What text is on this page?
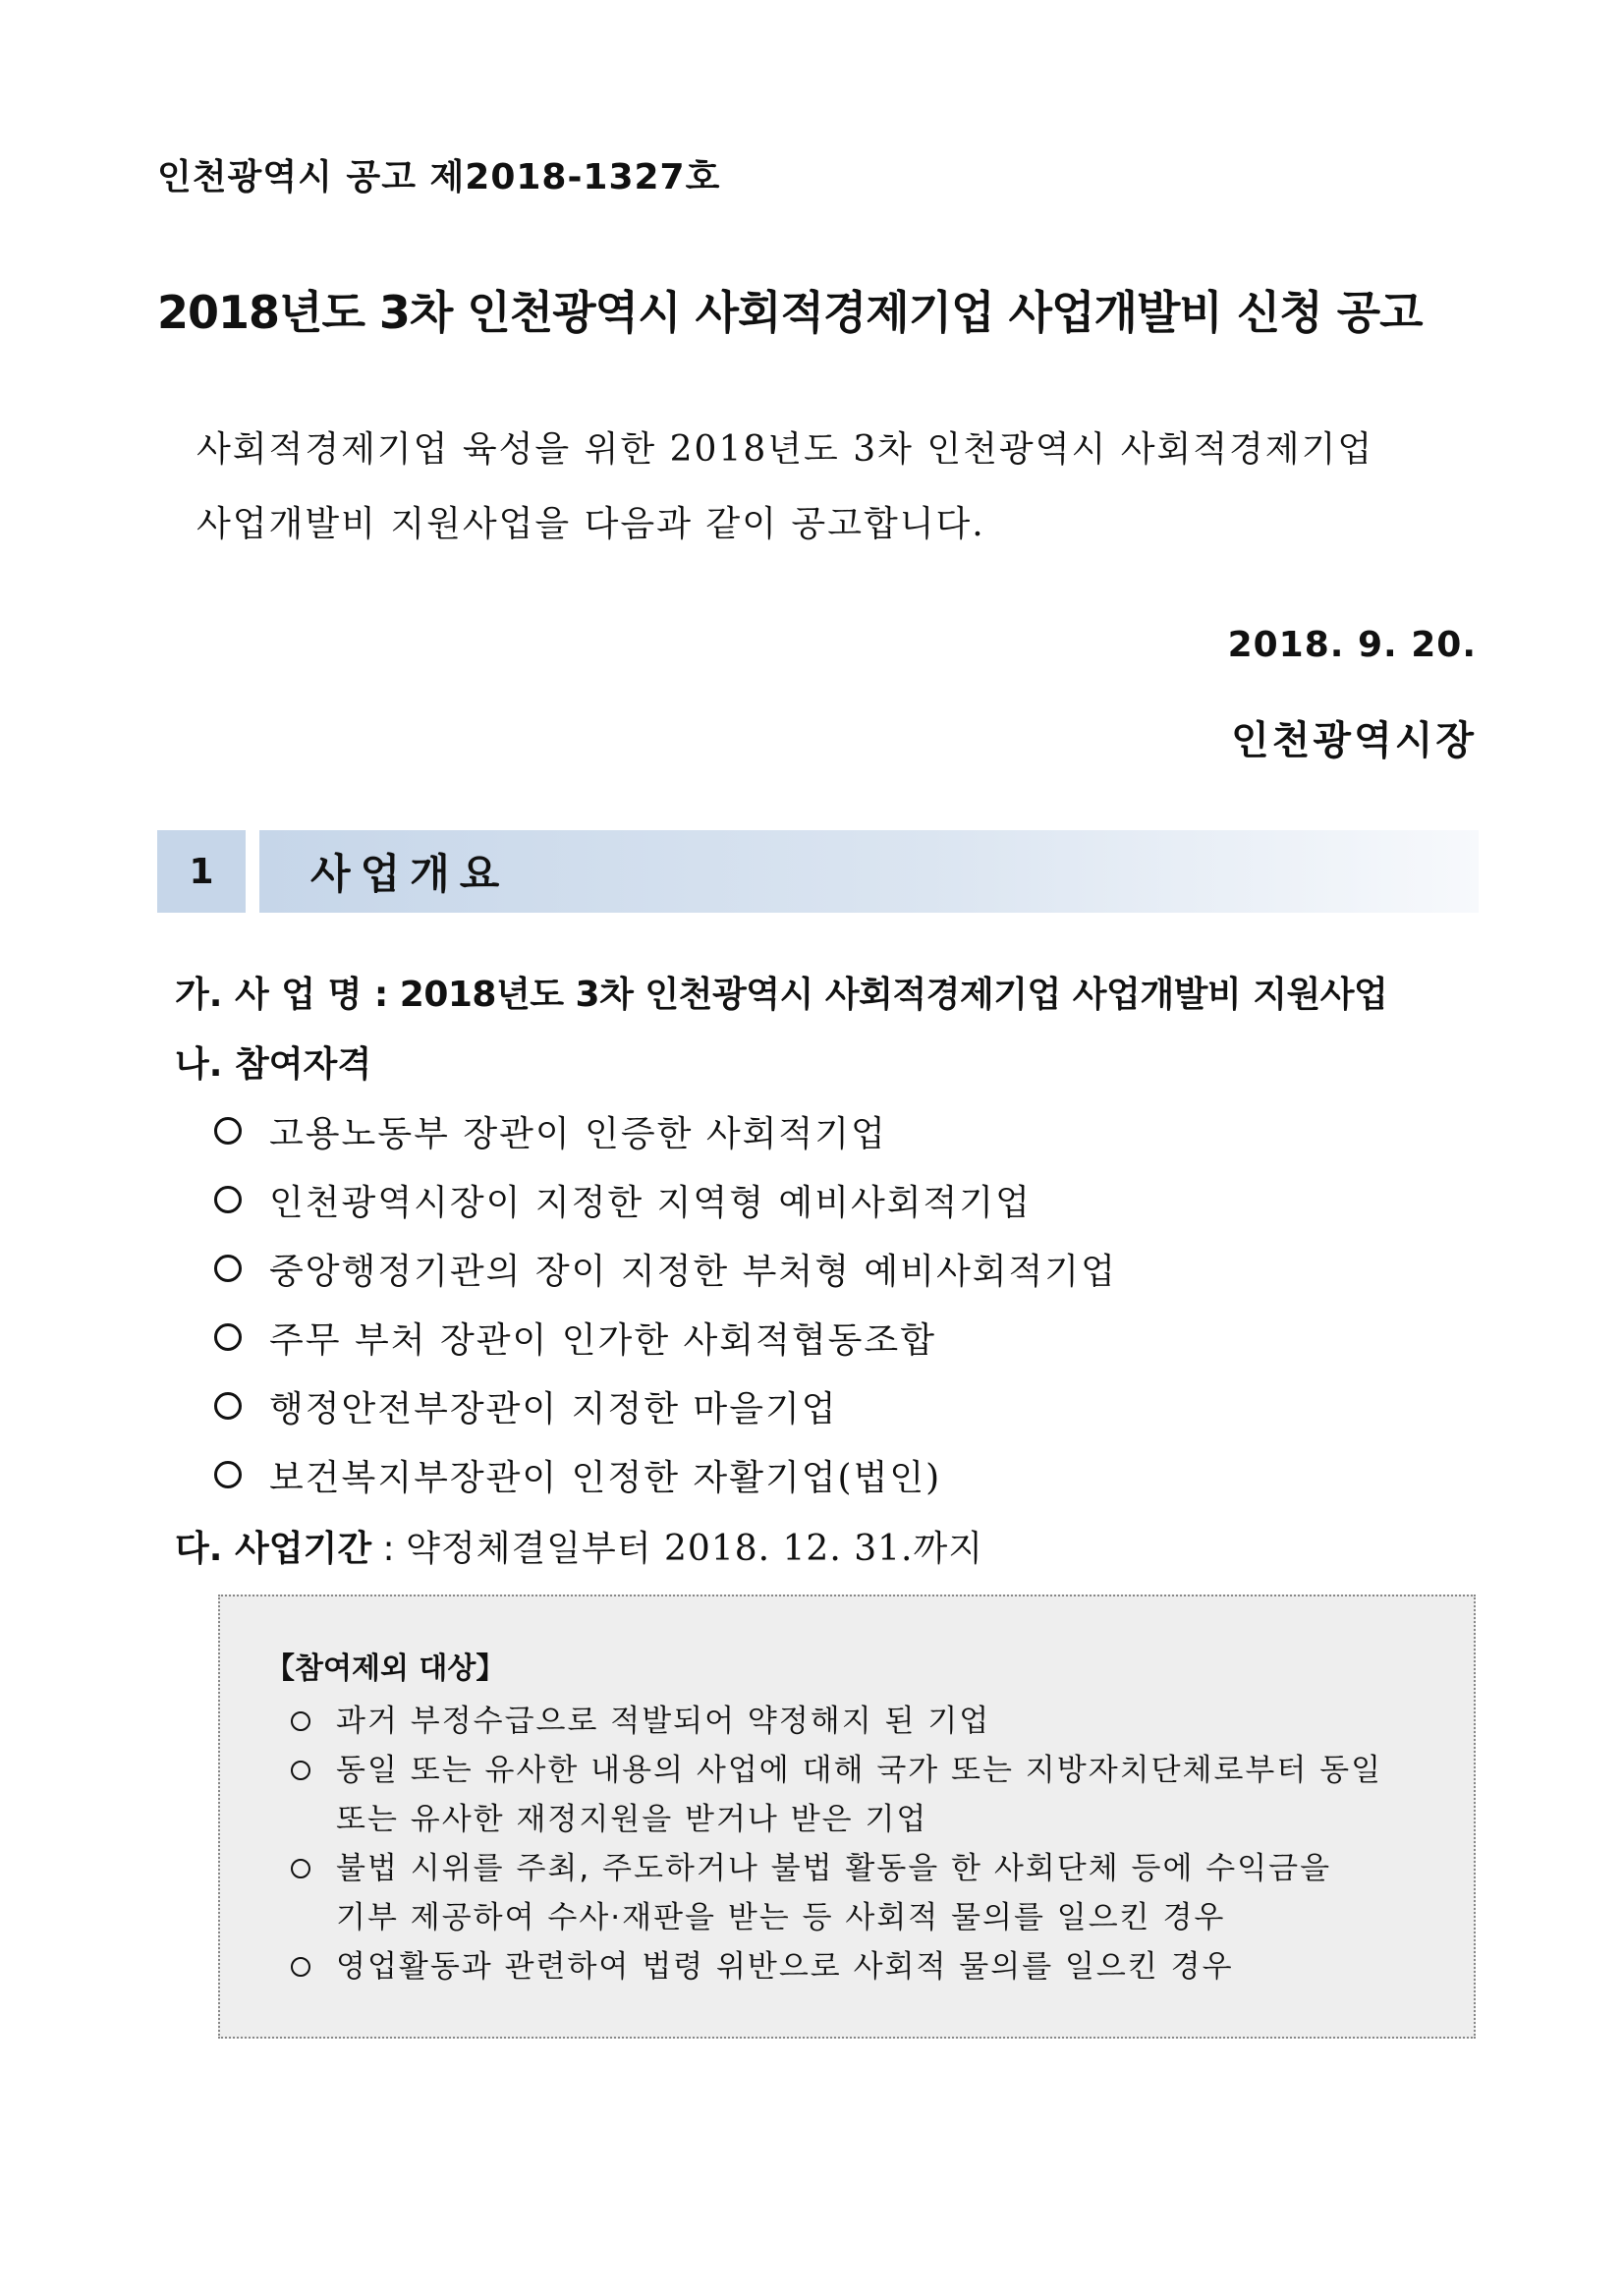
인천광역시 공고 제2018-1327호
2018년도 3차 인천광역시 사회적경제기업 사업개발비 신청 공고
사회적경제기업 육성을 위한 2018년도 3차 인천광역시 사회적경제기업
사업개발비 지원사업을 다음과 같이 공고합니다.
2018. 9. 20.
인천광역시장
1	사업개요
가. 사 업 명 : 2018년도 3차 인천광역시 사회적경제기업 사업개발비 지원사업
나. 참여자격
고용노동부 장관이 인증한 사회적기업
인천광역시장이 지정한 지역형 예비사회적기업
중앙행정기관의 장이 지정한 부처형 예비사회적기업
주무 부처 장관이 인가한 사회적협동조합
행정안전부장관이 지정한 마을기업
보건복지부장관이 인정한 자활기업(법인)
다. 사업기간 : 약정체결일부터 2018. 12. 31.까지
【참여제외 대상】
과거 부정수급으로 적발되어 약정해지 된 기업
동일 또는 유사한 내용의 사업에 대해 국가 또는 지방자치단체로부터 동일
또는 유사한 재정지원을 받거나 받은 기업
불법 시위를 주최, 주도하거나 불법 활동을 한 사회단체 등에 수익금을
기부 제공하여 수사·재판을 받는 등 사회적 물의를 일으킨 경우
영업활동과 관련하여 법령 위반으로 사회적 물의를 일으킨 경우
